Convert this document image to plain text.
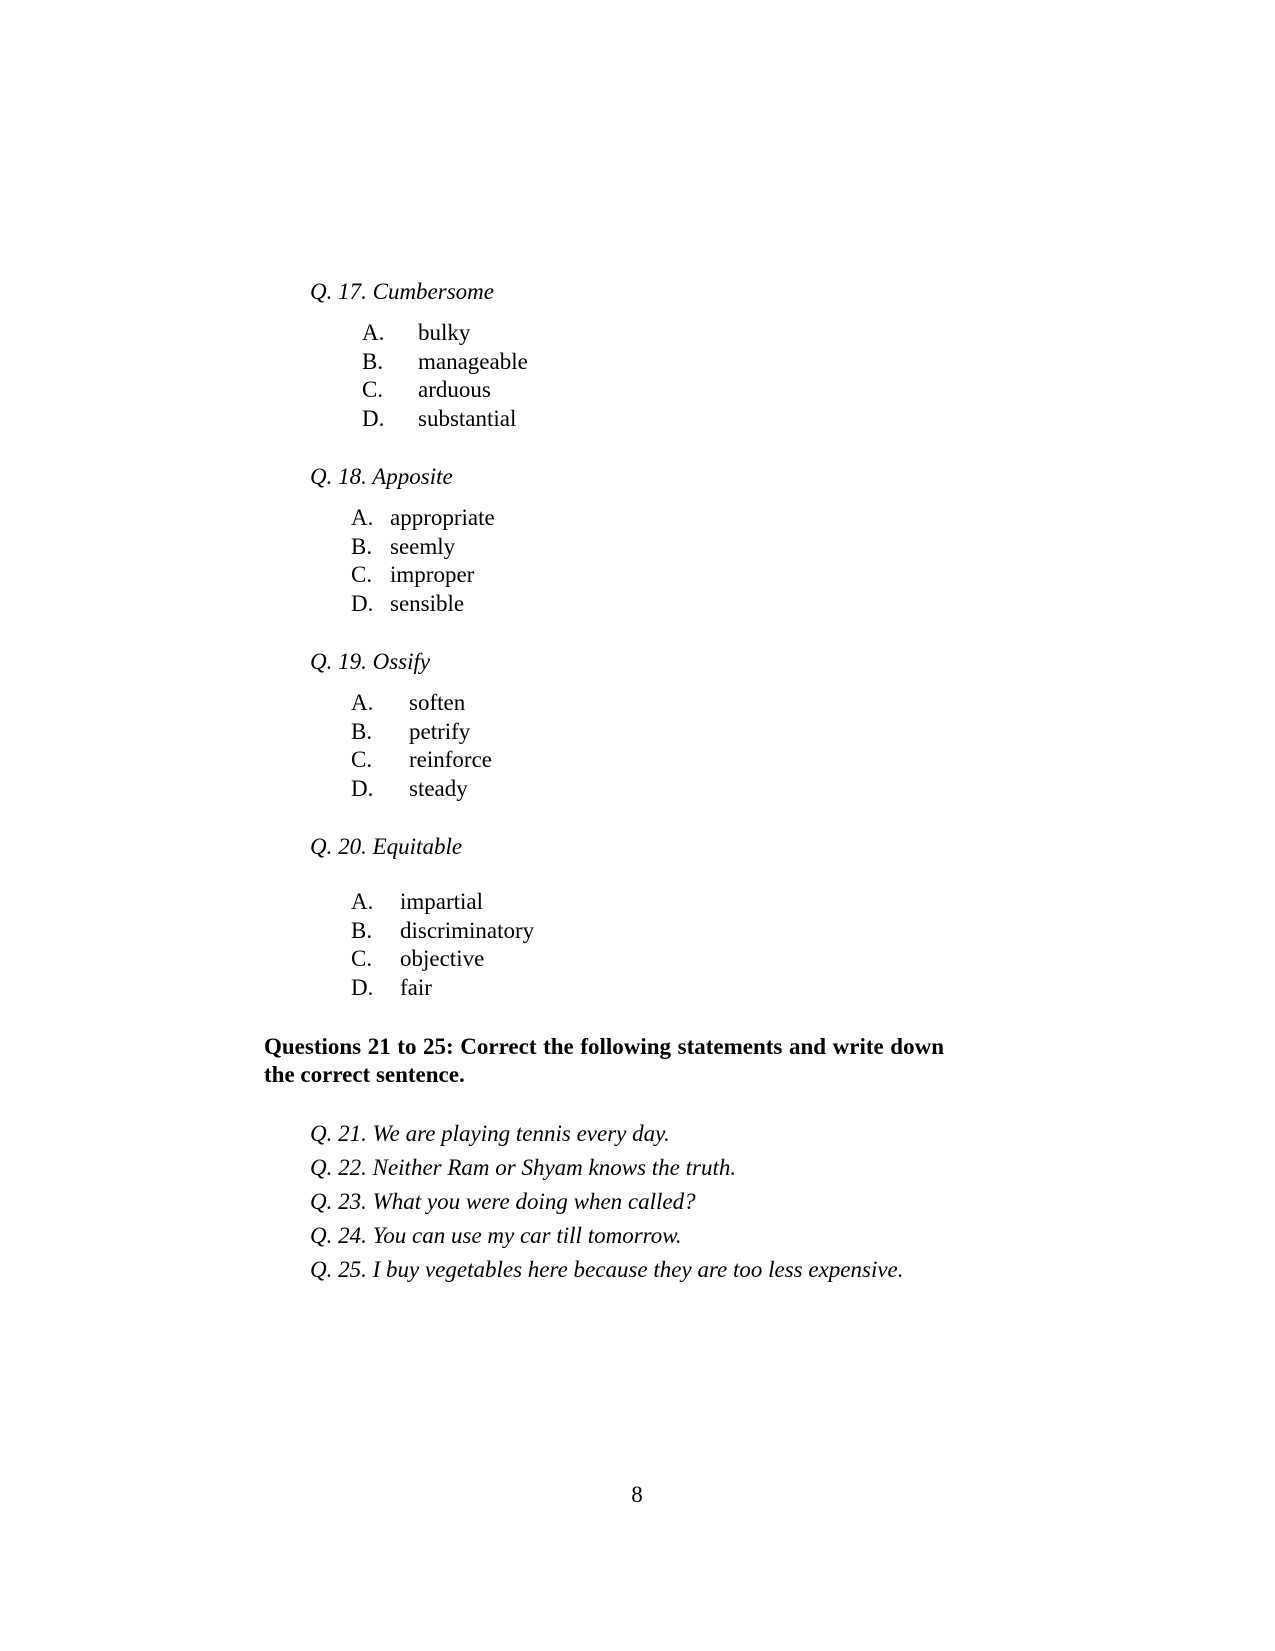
Q. 17. Cumbersome
A. bulky
B. manageable
C. arduous
D. substantial
Q. 18. Apposite
A. appropriate
B. seemly
C. improper
D. sensible
Q. 19. Ossify
A. soften
B. petrify
C. reinforce
D. steady
Q. 20. Equitable
A. impartial
B. discriminatory
C. objective
D. fair
Questions 21 to 25: Correct the following statements and write down the correct sentence.
Q. 21. We are playing tennis every day.
Q. 22. Neither Ram or Shyam knows the truth.
Q. 23. What you were doing when called?
Q. 24. You can use my car till tomorrow.
Q. 25. I buy vegetables here because they are too less expensive.
8
